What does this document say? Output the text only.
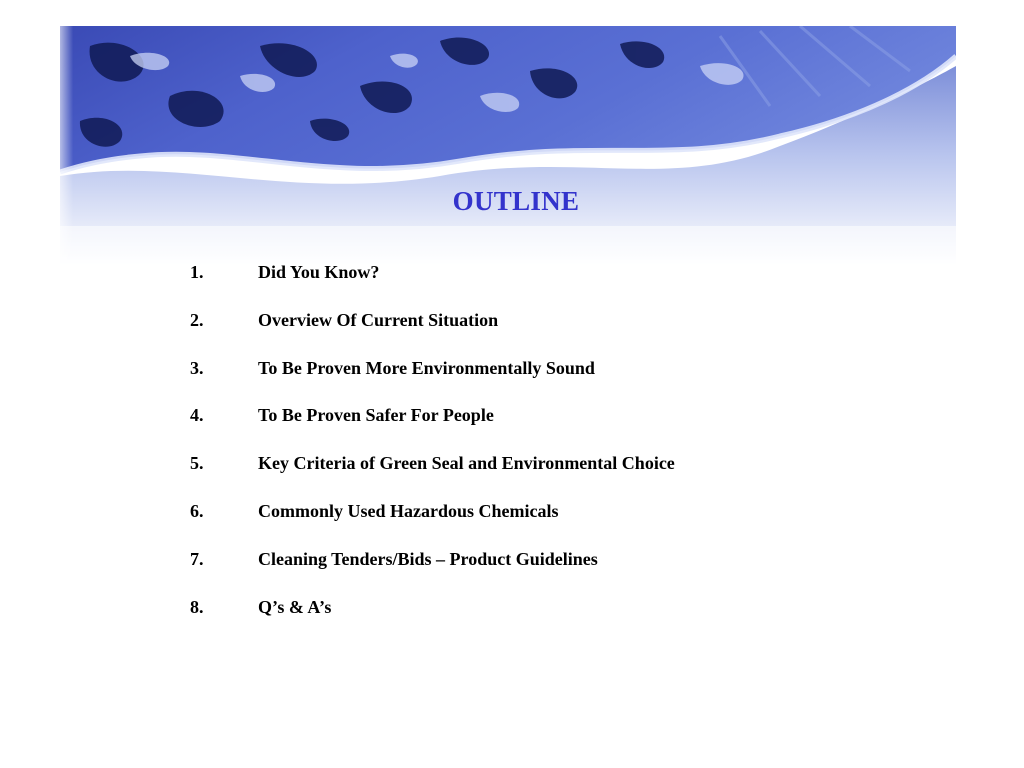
OUTLINE
1.	Did You Know?
2.	Overview Of Current Situation
3.	To Be Proven More Environmentally Sound
4.	To Be Proven Safer For People
5.	Key Criteria of Green Seal and Environmental Choice
6.	Commonly Used Hazardous Chemicals
7.	Cleaning Tenders/Bids – Product Guidelines
8.	Q’s & A’s
